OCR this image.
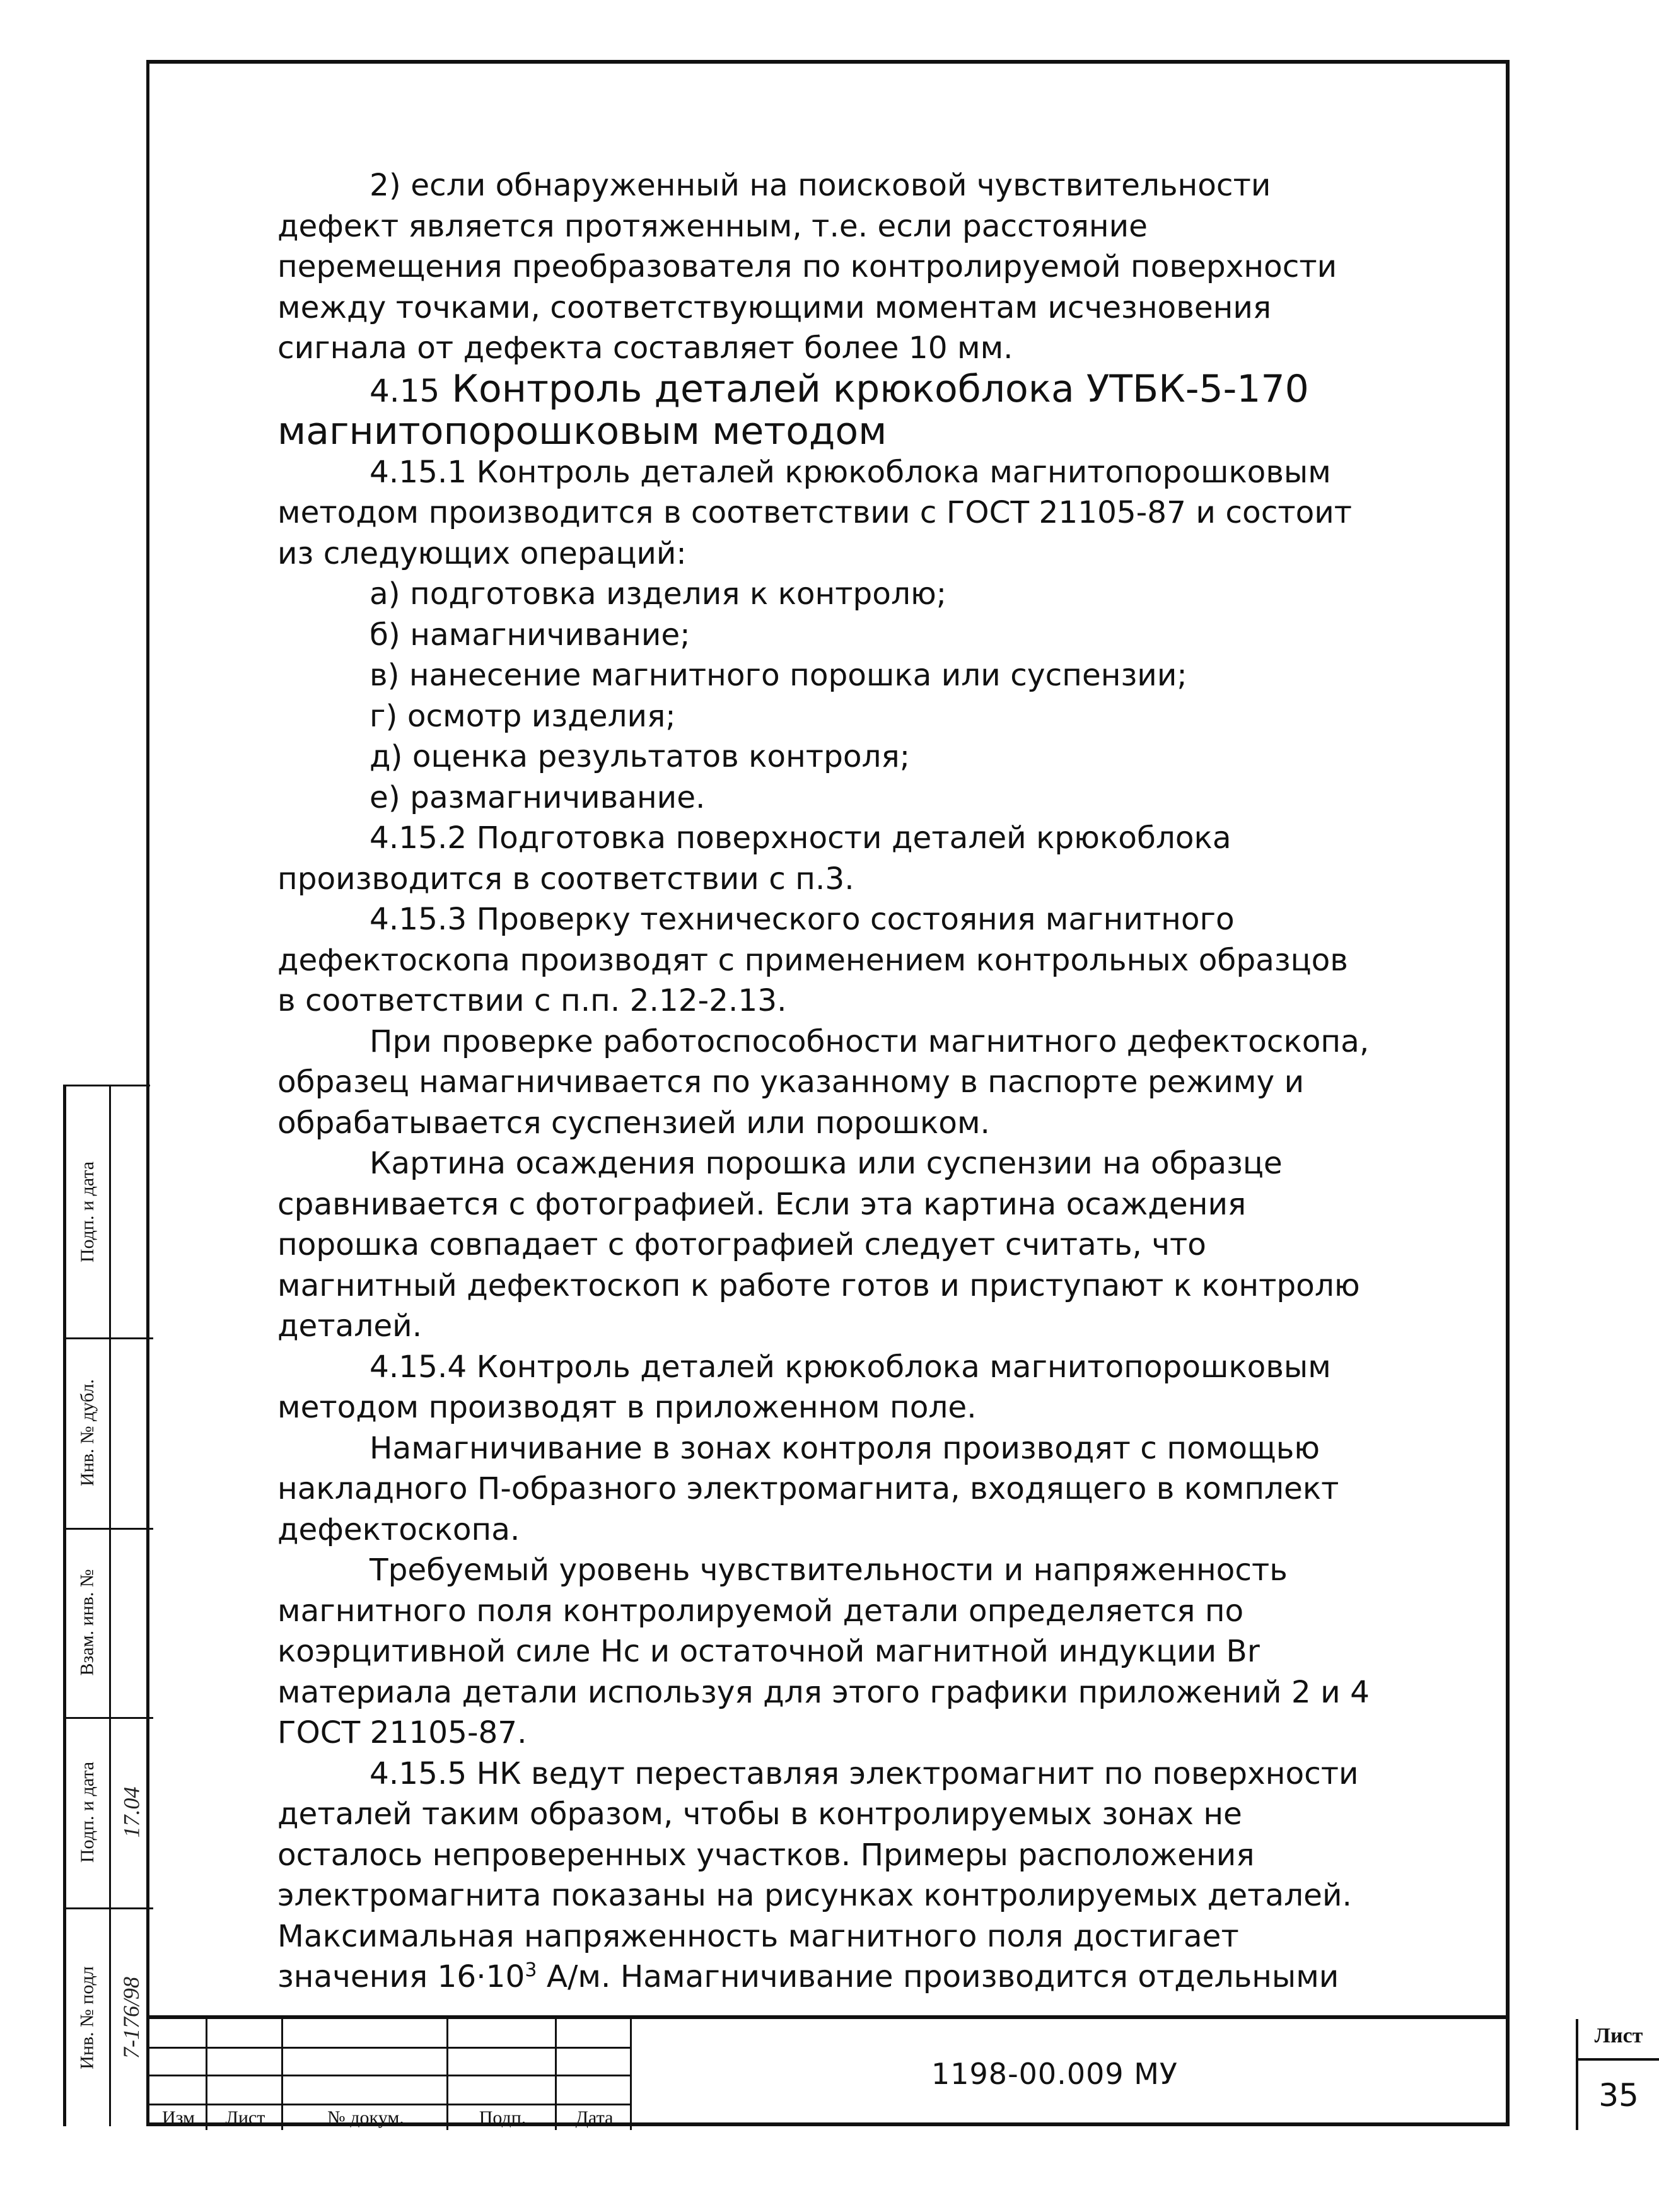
2) если обнаруженный на поисковой чувствительности дефект является протяженным, т.е. если расстояние перемещения преобразователя по контролируемой поверхности между точками, соответствующими моментам исчезновения сигнала от дефекта составляет более 10 мм.

4.15 Контроль деталей крюкоблока УТБК-5-170 магнитопорошковым методом

4.15.1 Контроль деталей крюкоблока магнитопорошковым методом производится в соответствии с ГОСТ 21105-87 и состоит из следующих операций:

а) подготовка изделия к контролю;

б) намагничивание;

в) нанесение магнитного порошка или суспензии;

г) осмотр изделия;

д) оценка результатов контроля;

е) размагничивание.

4.15.2 Подготовка поверхности деталей крюкоблока производится в соответствии с п.3.

4.15.3 Проверку технического состояния магнитного дефектоскопа производят с применением контрольных образцов в соответствии с п.п. 2.12-2.13.

При проверке работоспособности магнитного дефектоскопа, образец намагничивается по указанному в паспорте режиму и обрабатывается суспензией или порошком.

Картина осаждения порошка или суспензии на образце сравнивается с фотографией. Если эта картина осаждения порошка совпадает с фотографией следует считать, что магнитный дефектоскоп к работе готов и приступают к контролю деталей.

4.15.4 Контроль деталей крюкоблока магнитопорошковым методом производят в приложенном поле.

Намагничивание в зонах контроля производят с помощью накладного П-образного электромагнита, входящего в комплект дефектоскопа.

Требуемый уровень чувствительности и напряженность магнитного поля контролируемой детали определяется по коэрцитивной силе Нс и остаточной магнитной индукции Br материала детали используя для этого графики приложений 2 и 4 ГОСТ 21105-87.

4.15.5 НК ведут переставляя электромагнит по поверхности деталей таким образом, чтобы в контролируемых зонах не осталось непроверенных участков. Примеры расположения электромагнита показаны на рисунках контролируемых деталей. Максимальная напряженность магнитного поля достигает значения $16\cdot 10^3$ А/м. Намагничивание производится отдельными

Подп. и дата
Инв. № дубл.
Взам. инв. №
Подп. и дата
Инв. № подл
17.04
7-176/98
Изм	Лист	№ докум.	Подп.	Дата
1198-00.009 МУ
Лист
35
